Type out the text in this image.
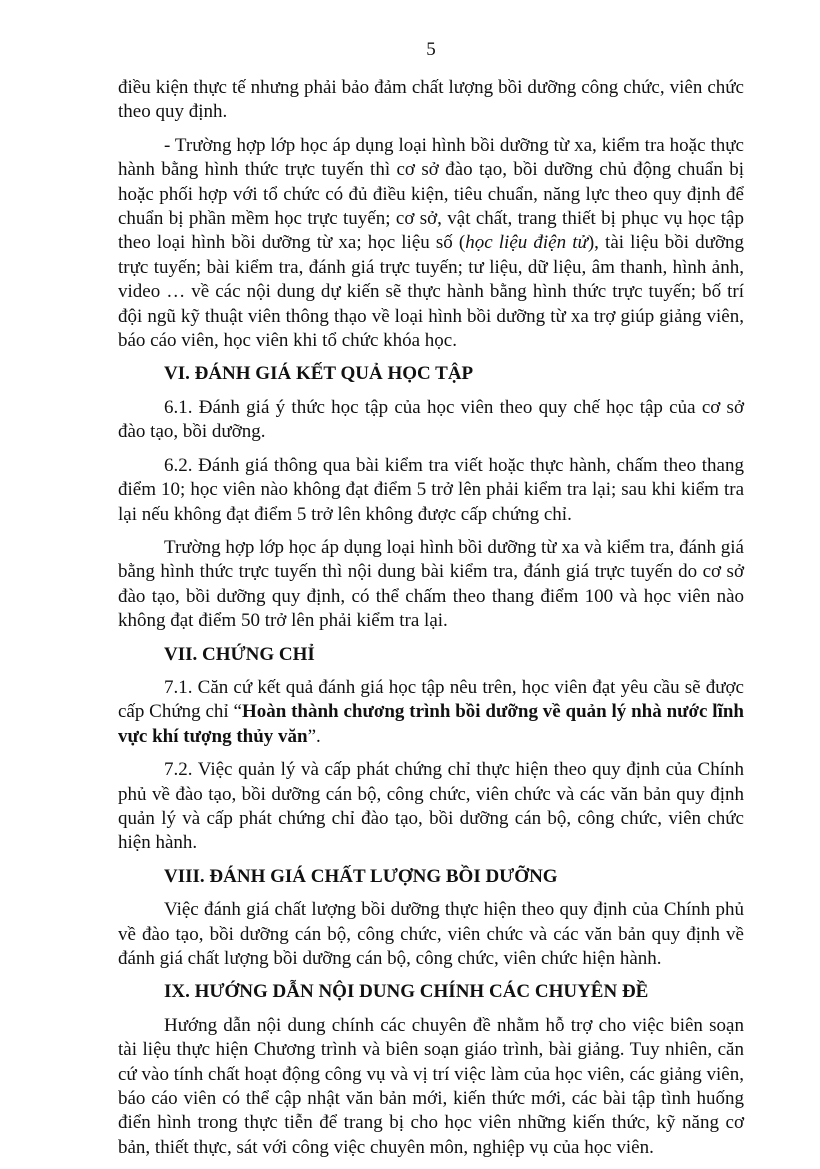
5

điều kiện thực tế nhưng phải bảo đảm chất lượng bồi dưỡng công chức, viên chức theo quy định.

- Trường hợp lớp học áp dụng loại hình bồi dưỡng từ xa, kiểm tra hoặc thực hành bằng hình thức trực tuyến thì cơ sở đào tạo, bồi dưỡng chủ động chuẩn bị hoặc phối hợp với tổ chức có đủ điều kiện, tiêu chuẩn, năng lực theo quy định để chuẩn bị phần mềm học trực tuyến; cơ sở, vật chất, trang thiết bị phục vụ học tập theo loại hình bồi dưỡng từ xa; học liệu số (học liệu điện tử), tài liệu bồi dưỡng trực tuyến; bài kiểm tra, đánh giá trực tuyến; tư liệu, dữ liệu, âm thanh, hình ảnh, video … về các nội dung dự kiến sẽ thực hành bằng hình thức trực tuyến; bố trí đội ngũ kỹ thuật viên thông thạo về loại hình bồi dưỡng từ xa trợ giúp giảng viên, báo cáo viên, học viên khi tổ chức khóa học.

VI. ĐÁNH GIÁ KẾT QUẢ HỌC TẬP

6.1. Đánh giá ý thức học tập của học viên theo quy chế học tập của cơ sở đào tạo, bồi dưỡng.

6.2. Đánh giá thông qua bài kiểm tra viết hoặc thực hành, chấm theo thang điểm 10; học viên nào không đạt điểm 5 trở lên phải kiểm tra lại; sau khi kiểm tra lại nếu không đạt điểm 5 trở lên không được cấp chứng chỉ.

Trường hợp lớp học áp dụng loại hình bồi dưỡng từ xa và kiểm tra, đánh giá bằng hình thức trực tuyến thì nội dung bài kiểm tra, đánh giá trực tuyến do cơ sở đào tạo, bồi dưỡng quy định, có thể chấm theo thang điểm 100 và học viên nào không đạt điểm 50 trở lên phải kiểm tra lại.

VII. CHỨNG CHỈ

7.1. Căn cứ kết quả đánh giá học tập nêu trên, học viên đạt yêu cầu sẽ được cấp Chứng chỉ “Hoàn thành chương trình bồi dưỡng về quản lý nhà nước lĩnh vực khí tượng thủy văn”.

7.2. Việc quản lý và cấp phát chứng chỉ thực hiện theo quy định của Chính phủ về đào tạo, bồi dưỡng cán bộ, công chức, viên chức và các văn bản quy định quản lý và cấp phát chứng chỉ đào tạo, bồi dưỡng cán bộ, công chức, viên chức hiện hành.

VIII. ĐÁNH GIÁ CHẤT LƯỢNG BỒI DƯỠNG

Việc đánh giá chất lượng bồi dưỡng thực hiện theo quy định của Chính phủ về đào tạo, bồi dưỡng cán bộ, công chức, viên chức và các văn bản quy định về đánh giá chất lượng bồi dưỡng cán bộ, công chức, viên chức hiện hành.

IX. HƯỚNG DẪN NỘI DUNG CHÍNH CÁC CHUYÊN ĐỀ

Hướng dẫn nội dung chính các chuyên đề nhằm hỗ trợ cho việc biên soạn tài liệu thực hiện Chương trình và biên soạn giáo trình, bài giảng. Tuy nhiên, căn cứ vào tính chất hoạt động công vụ và vị trí việc làm của học viên, các giảng viên, báo cáo viên có thể cập nhật văn bản mới, kiến thức mới, các bài tập tình huống điển hình trong thực tiễn để trang bị cho học viên những kiến thức, kỹ năng cơ bản, thiết thực, sát với công việc chuyên môn, nghiệp vụ của học viên.
